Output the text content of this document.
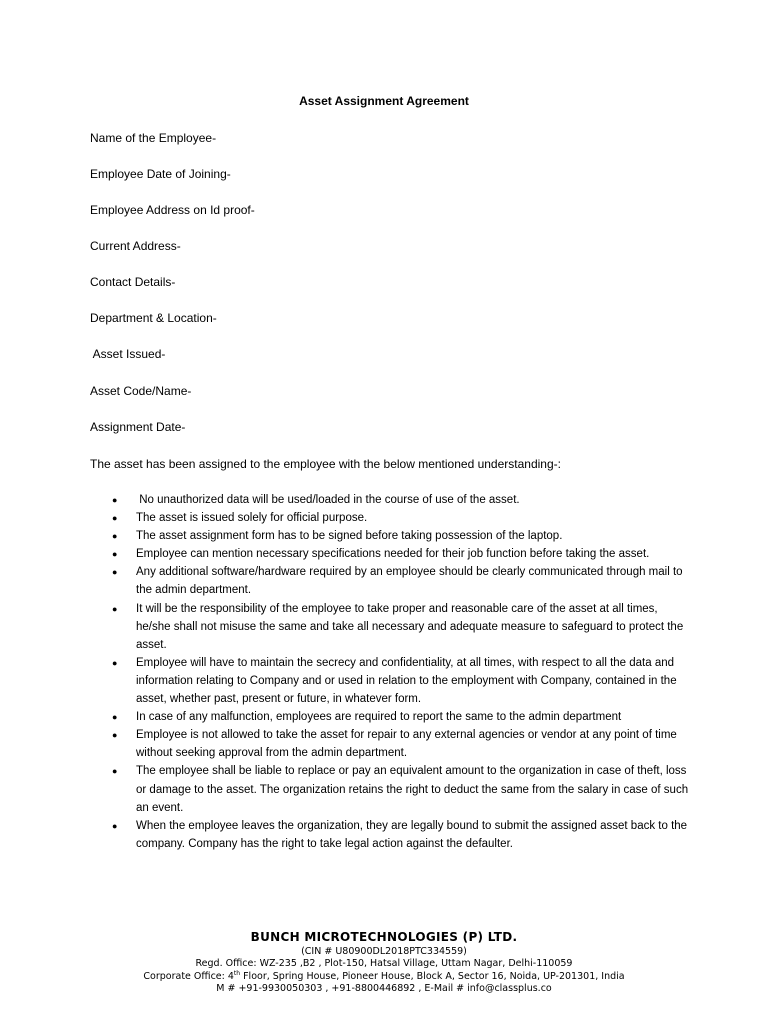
Asset Assignment Agreement
Name of the Employee-
Employee Date of Joining-
Employee Address on Id proof-
Current Address-
Contact Details-
Department & Location-
Asset Issued-
Asset Code/Name-
Assignment Date-
The asset has been assigned to the employee with the below mentioned understanding-:
●  No unauthorized data will be used/loaded in the course of use of the asset.
● The asset is issued solely for official purpose.
● The asset assignment form has to be signed before taking possession of the laptop.
● Employee can mention necessary specifications needed for their job function before taking the asset.
● Any additional software/hardware required by an employee should be clearly communicated through mail to the admin department.
● It will be the responsibility of the employee to take proper and reasonable care of the asset at all times, he/she shall not misuse the same and take all necessary and adequate measure to safeguard to protect the asset.
● Employee will have to maintain the secrecy and confidentiality, at all times, with respect to all the data and information relating to Company and or used in relation to the employment with Company, contained in the asset, whether past, present or future, in whatever form.
● In case of any malfunction, employees are required to report the same to the admin department
● Employee is not allowed to take the asset for repair to any external agencies or vendor at any point of time without seeking approval from the admin department.
● The employee shall be liable to replace or pay an equivalent amount to the organization in case of theft, loss or damage to the asset. The organization retains the right to deduct the same from the salary in case of such an event.
● When the employee leaves the organization, they are legally bound to submit the assigned asset back to the company. Company has the right to take legal action against the defaulter.
BUNCH MICROTECHNOLOGIES (P) LTD.
(CIN # U80900DL2018PTC334559)
Regd. Office: WZ-235 ,B2 , Plot-150, Hatsal Village, Uttam Nagar, Delhi-110059
Corporate Office: 4th Floor, Spring House, Pioneer House, Block A, Sector 16, Noida, UP-201301, India
M # +91-9930050303 , +91-8800446892 , E-Mail # info@classplus.co
